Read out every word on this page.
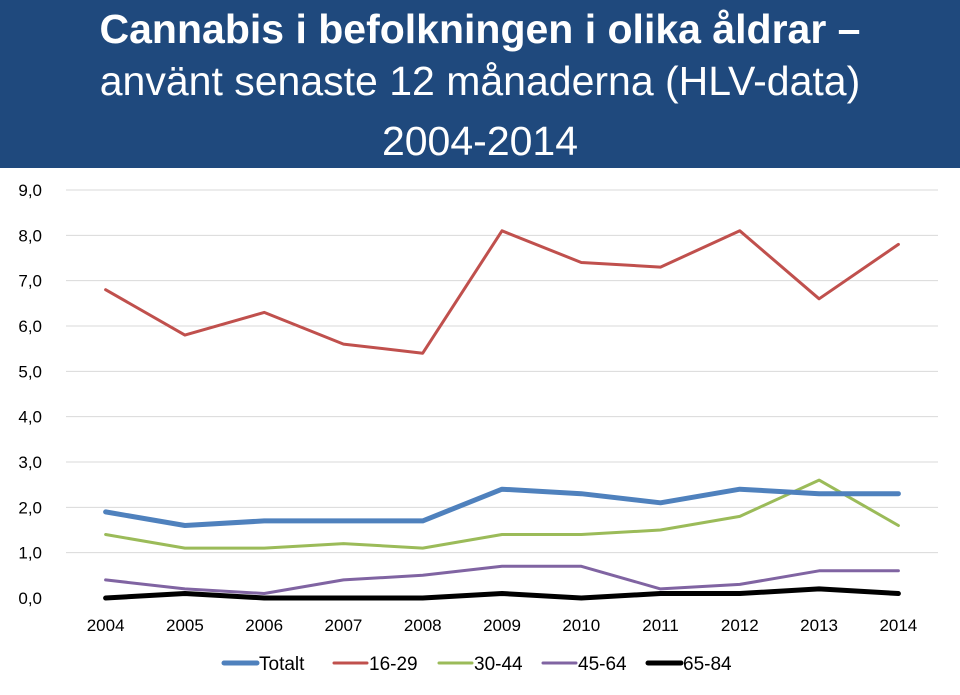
0,0
1,0
2,0
3,0
4,0
5,0
6,0
7,0
8,0
9,0
2004 2005 2006 2007 2008 2009 2010 2011 2012 2013 2014
Totalt	16-29	30-44	45-64	65-84
Cannabis i befolkningen i olika åldrar –
använt senaste 12 månaderna (HLV-data)
2004-2014
